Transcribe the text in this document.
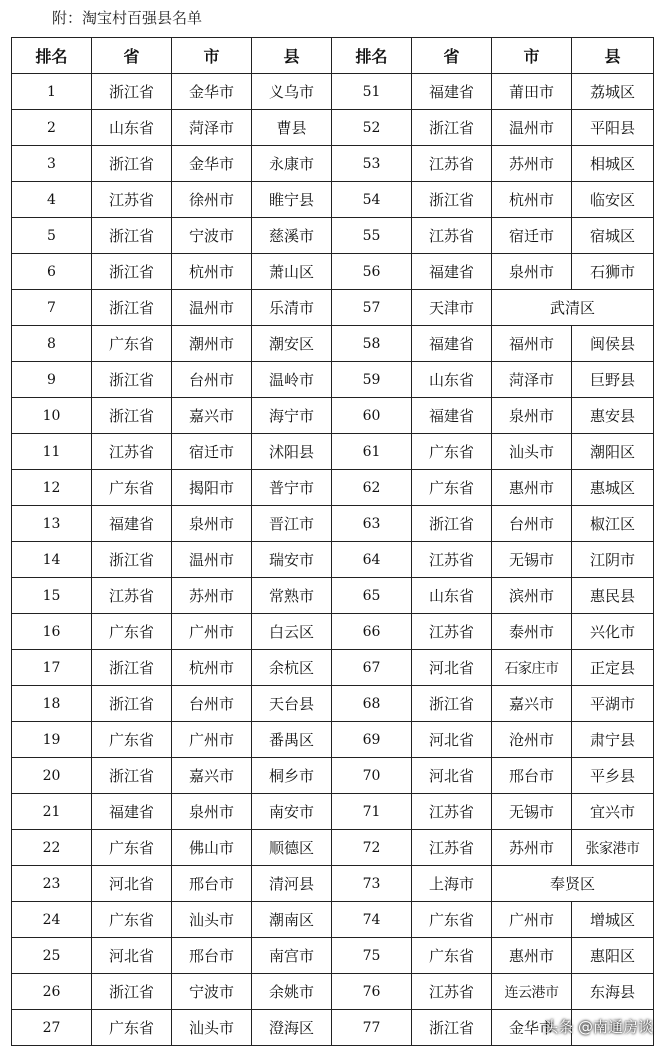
附：淘宝村百强县名单
排名	省	市	县	排名	省	市	县
1	浙江省	金华市	义乌市	51	福建省	莆田市	荔城区
2	山东省	菏泽市	曹县	52	浙江省	温州市	平阳县
3	浙江省	金华市	永康市	53	江苏省	苏州市	相城区
4	江苏省	徐州市	睢宁县	54	浙江省	杭州市	临安区
5	浙江省	宁波市	慈溪市	55	江苏省	宿迁市	宿城区
6	浙江省	杭州市	萧山区	56	福建省	泉州市	石狮市
7	浙江省	温州市	乐清市	57	天津市	武清区	
8	广东省	潮州市	潮安区	58	福建省	福州市	闽侯县
9	浙江省	台州市	温岭市	59	山东省	菏泽市	巨野县
10	浙江省	嘉兴市	海宁市	60	福建省	泉州市	惠安县
11	江苏省	宿迁市	沭阳县	61	广东省	汕头市	潮阳区
12	广东省	揭阳市	普宁市	62	广东省	惠州市	惠城区
13	福建省	泉州市	晋江市	63	浙江省	台州市	椒江区
14	浙江省	温州市	瑞安市	64	江苏省	无锡市	江阴市
15	江苏省	苏州市	常熟市	65	山东省	滨州市	惠民县
16	广东省	广州市	白云区	66	江苏省	泰州市	兴化市
17	浙江省	杭州市	余杭区	67	河北省	石家庄市	正定县
18	浙江省	台州市	天台县	68	浙江省	嘉兴市	平湖市
19	广东省	广州市	番禺区	69	河北省	沧州市	肃宁县
20	浙江省	嘉兴市	桐乡市	70	河北省	邢台市	平乡县
21	福建省	泉州市	南安市	71	江苏省	无锡市	宜兴市
22	广东省	佛山市	顺德区	72	江苏省	苏州市	张家港市
23	河北省	邢台市	清河县	73	上海市	奉贤区	
24	广东省	汕头市	潮南区	74	广东省	广州市	增城区
25	河北省	邢台市	南宫市	75	广东省	惠州市	惠阳区
26	浙江省	宁波市	余姚市	76	江苏省	连云港市	东海县
27	广东省	汕头市	澄海区	77	浙江省	金华市	
头条 @南通房谈
